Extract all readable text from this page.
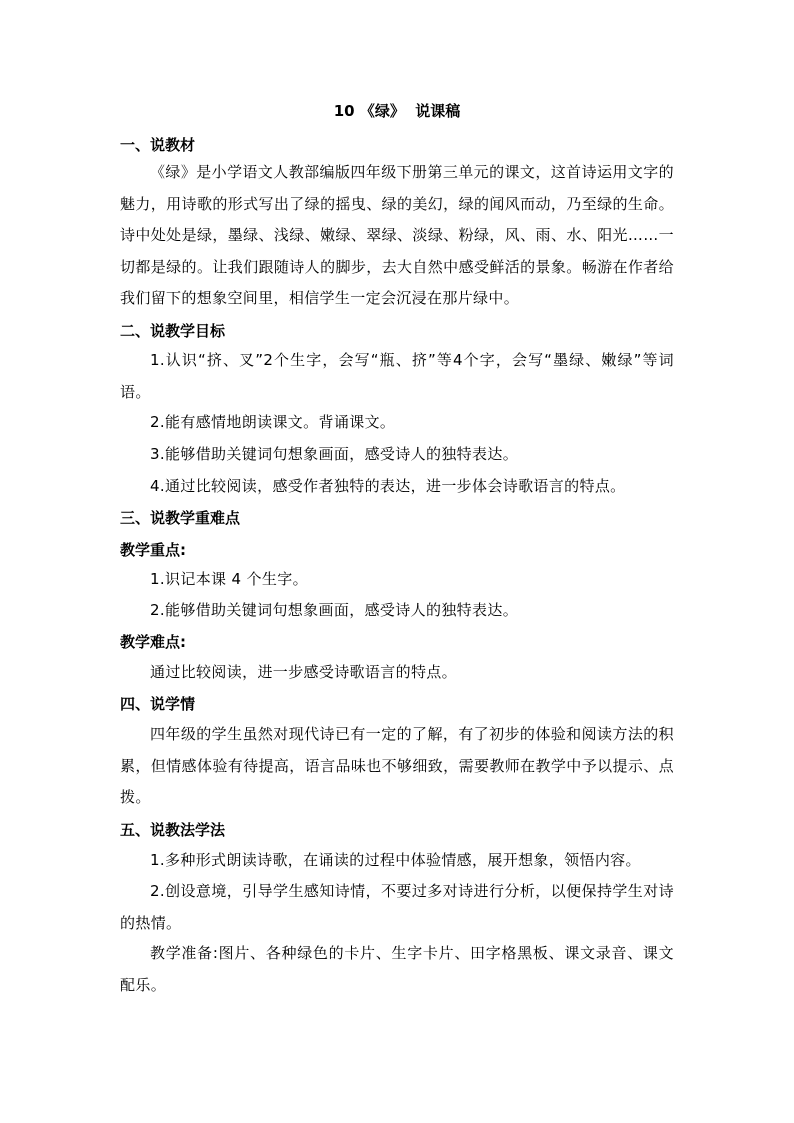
10 《绿》  说课稿
一、说教材
《绿》是小学语文人教部编版四年级下册第三单元的课文，这首诗运用文字的魅力，用诗歌的形式写出了绿的摇曳、绿的美幻，绿的闻风而动，乃至绿的生命。诗中处处是绿，墨绿、浅绿、嫩绿、翠绿、淡绿、粉绿，风、雨、水、阳光……一切都是绿的。让我们跟随诗人的脚步，去大自然中感受鲜活的景象。畅游在作者给我们留下的想象空间里，相信学生一定会沉浸在那片绿中。
二、说教学目标
1.认识“挤、叉”2个生字，会写“瓶、挤”等4个字，会写“墨绿、嫩绿”等词语。
2.能有感情地朗读课文。背诵课文。
3.能够借助关键词句想象画面，感受诗人的独特表达。
4.通过比较阅读，感受作者独特的表达，进一步体会诗歌语言的特点。
三、说教学重难点
教学重点:
1.识记本课 4 个生字。
2.能够借助关键词句想象画面，感受诗人的独特表达。
教学难点:
通过比较阅读，进一步感受诗歌语言的特点。
四、说学情
四年级的学生虽然对现代诗已有一定的了解，有了初步的体验和阅读方法的积累，但情感体验有待提高，语言品味也不够细致，需要教师在教学中予以提示、点拨。
五、说教法学法
1.多种形式朗读诗歌，在诵读的过程中体验情感，展开想象，领悟内容。
2.创设意境，引导学生感知诗情，不要过多对诗进行分析，以便保持学生对诗的热情。
教学准备:图片、各种绿色的卡片、生字卡片、田字格黑板、课文录音、课文配乐。
